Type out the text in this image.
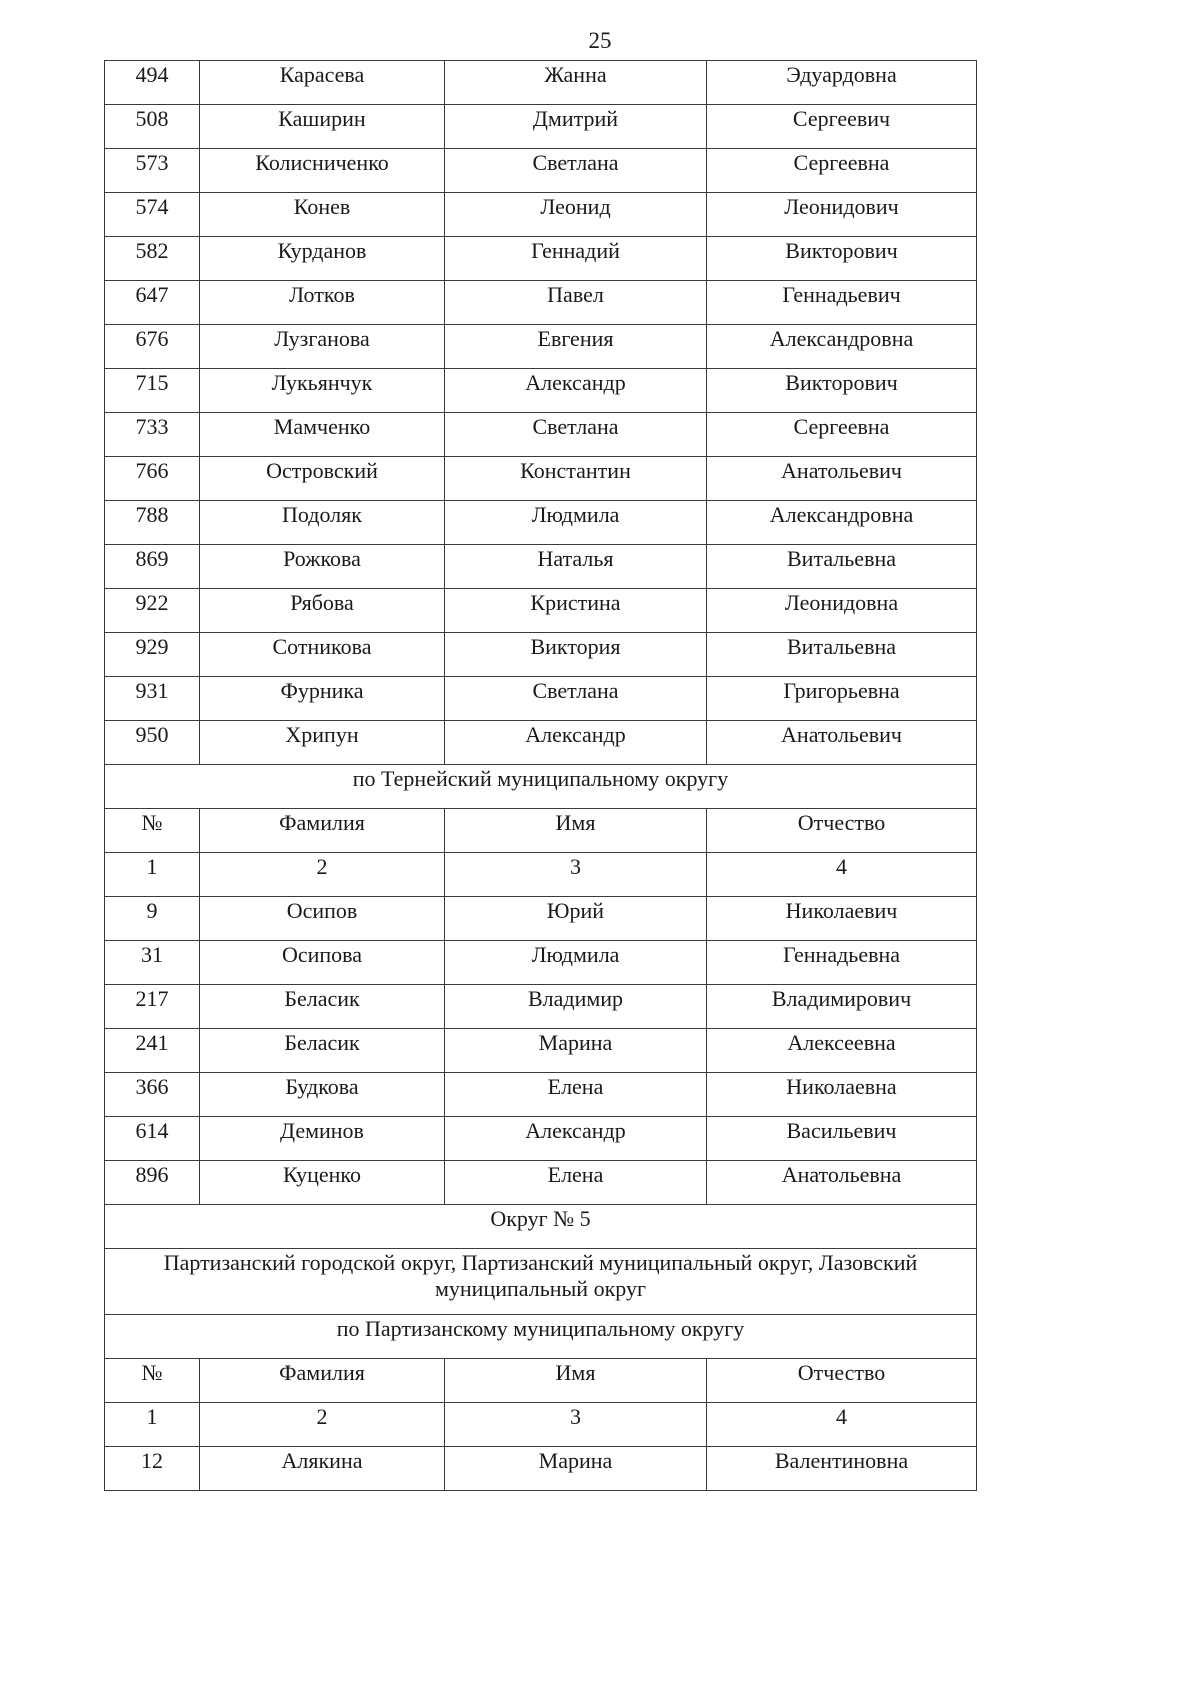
25
494	Карасева	Жанна	Эдуардовна
508	Каширин	Дмитрий	Сергеевич
573	Колисниченко	Светлана	Сергеевна
574	Конев	Леонид	Леонидович
582	Курданов	Геннадий	Викторович
647	Лотков	Павел	Геннадьевич
676	Лузганова	Евгения	Александровна
715	Лукьянчук	Александр	Викторович
733	Мамченко	Светлана	Сергеевна
766	Островский	Константин	Анатольевич
788	Подоляк	Людмила	Александровна
869	Рожкова	Наталья	Витальевна
922	Рябова	Кристина	Леонидовна
929	Сотникова	Виктория	Витальевна
931	Фурника	Светлана	Григорьевна
950	Хрипун	Александр	Анатольевич
по Тернейский муниципальному округу			
№	Фамилия	Имя	Отчество
1	2	3	4
9	Осипов	Юрий	Николаевич
31	Осипова	Людмила	Геннадьевна
217	Беласик	Владимир	Владимирович
241	Беласик	Марина	Алексеевна
366	Будкова	Елена	Николаевна
614	Деминов	Александр	Васильевич
896	Куценко	Елена	Анатольевна
Округ № 5			
Партизанский городской округ, Партизанский муниципальный округ, Лазовский муниципальный округ			
по Партизанскому муниципальному округу			
№	Фамилия	Имя	Отчество
1	2	3	4
12	Алякина	Марина	Валентиновна
